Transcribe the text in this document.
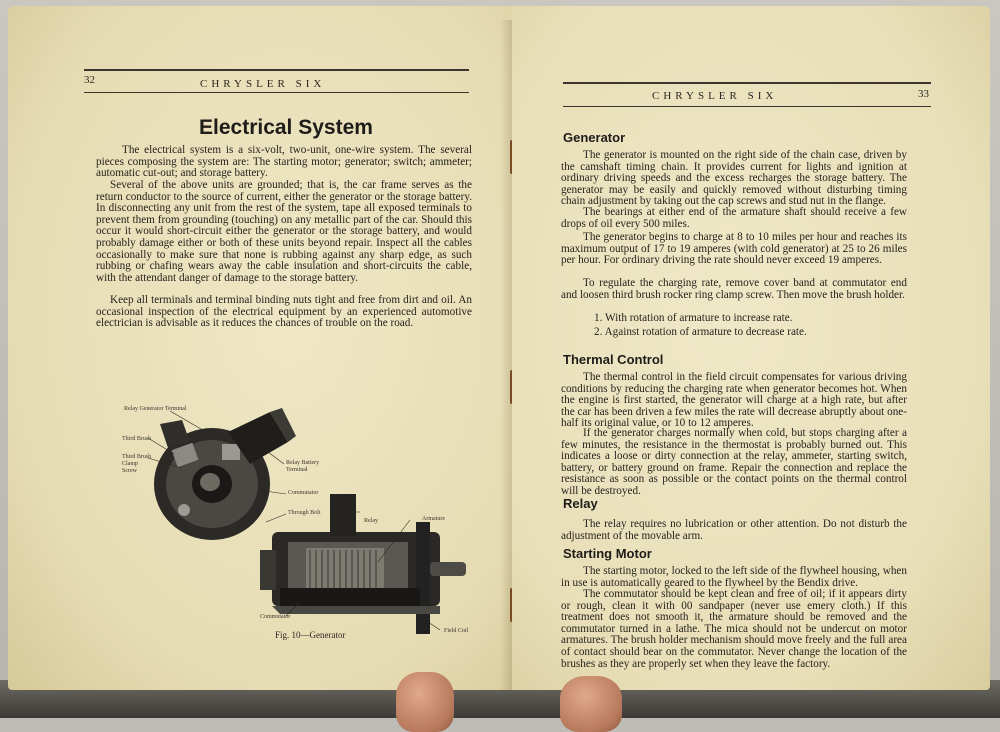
32	CHRYSLER SIX
Electrical System
The electrical system is a six-volt, two-unit, one-wire system. The several pieces composing the system are: The starting motor; generator; switch; ammeter; automatic cut-out; and storage battery.
Several of the above units are grounded; that is, the car frame serves as the return conductor to the source of current, either the generator or the storage battery. In disconnecting any unit from the rest of the system, tape all exposed terminals to prevent them from grounding (touching) on any metallic part of the car. Should this occur it would short-circuit either the generator or the storage battery, and would probably damage either or both of these units beyond repair. Inspect all the cables occasionally to make sure that none is rubbing against any sharp edge, as such rubbing or chafing wears away the cable insulation and short-circuits the cable, with the attendant danger of damage to the storage battery.
Keep all terminals and terminal binding nuts tight and free from dirt and oil. An occasional inspection of the electrical equipment by an experienced automotive electrician is advisable as it reduces the chances of trouble on the road.
Relay Generator Terminal
Third Brush
Third Brush Clamp Screw
Relay Battery Terminal
Commutator
Through Bolt
Relay	Armature
Commutator
Field Coil
Fig. 10—Generator
CHRYSLER SIX	33
Generator
The generator is mounted on the right side of the chain case, driven by the camshaft timing chain. It provides current for lights and ignition at ordinary driving speeds and the excess recharges the storage battery. The generator may be easily and quickly removed without disturbing timing chain adjustment by taking out the cap screws and stud nut in the flange.
The bearings at either end of the armature shaft should receive a few drops of oil every 500 miles.
The generator begins to charge at 8 to 10 miles per hour and reaches its maximum output of 17 to 19 amperes (with cold generator) at 25 to 26 miles per hour. For ordinary driving the rate should never exceed 19 amperes.
To regulate the charging rate, remove cover band at commutator end and loosen third brush rocker ring clamp screw. Then move the brush holder.
1. With rotation of armature to increase rate.
2. Against rotation of armature to decrease rate.
Thermal Control
The thermal control in the field circuit compensates for various driving conditions by reducing the charging rate when generator becomes hot. When the engine is first started, the generator will charge at a high rate, but after the car has been driven a few miles the rate will decrease abruptly about one-half its original value, or 10 to 12 amperes.
If the generator charges normally when cold, but stops charging after a few minutes, the resistance in the thermostat is probably burned out. This indicates a loose or dirty connection at the relay, ammeter, starting switch, battery, or battery ground on frame. Repair the connection and replace the resistance as soon as possible or the contact points on the thermal control will be destroyed.
Relay
The relay requires no lubrication or other attention. Do not disturb the adjustment of the movable arm.
Starting Motor
The starting motor, locked to the left side of the flywheel housing, when in use is automatically geared to the flywheel by the Bendix drive.
The commutator should be kept clean and free of oil; if it appears dirty or rough, clean it with 00 sandpaper (never use emery cloth.) If this treatment does not smooth it, the armature should be removed and the commutator turned in a lathe. The mica should not be undercut on motor armatures. The brush holder mechanism should move freely and the full area of contact should bear on the commutator. Never change the location of the brushes as they are properly set when they leave the factory.
